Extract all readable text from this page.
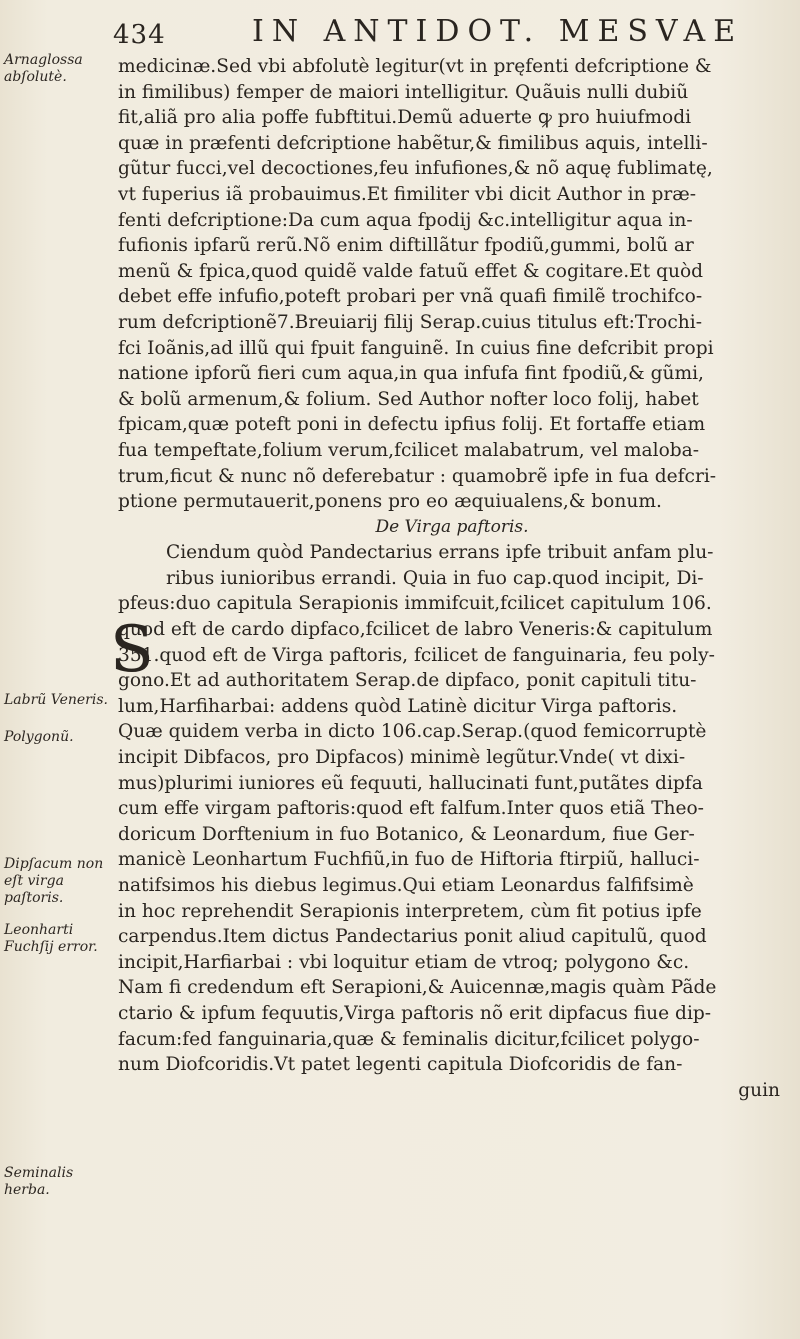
434	IN ANTIDOT. MESVAE
Arnaglossa abſolutè.
Labrũ Veneris.
Polygonũ.
Dipſacum non eſt virga paſtoris.
Leonharti Fuchſij error.
Seminalis herba.
medicinæ.Sed vbi abfolutè legitur(vt in pręfenti defcriptione &
in fimilibus) femper de maiori intelligitur. Quãuis nulli dubiũ
fit,aliã pro alia poffe fubftitui.Demũ aduerte ꝙ pro huiufmodi
quæ in præfenti defcriptione habẽtur,& fimilibus aquis, intelli-
gũtur fucci,vel decoctiones,feu infufiones,& nõ aquę fublimatę,
vt fuperius iã probauimus.Et fimiliter vbi dicit Author in præ-
fenti defcriptione:Da cum aqua fpodij &c.intelligitur aqua in-
fufionis ipfarũ rerũ.Nõ enim diftillãtur fpodiũ,gummi, bolũ ar
menũ & fpica,quod quidẽ valde fatuũ effet & cogitare.Et quòd
debet effe infufio,poteft probari per vnã quafi fimilẽ trochifco-
rum defcriptionẽ7.Breuiarij filij Serap.cuius titulus eft:Trochi-
fci Ioãnis,ad illũ qui fpuit fanguinẽ. In cuius fine defcribit propi
natione ipforũ fieri cum aqua,in qua infufa fint fpodiũ,& gũmi,
& bolũ armenum,& folium. Sed Author nofter loco folij, habet
fpicam,quæ poteft poni in defectu ipfius folij. Et fortaffe etiam
fua tempeftate,folium verum,fcilicet malabatrum, vel maloba-
trum,ficut & nunc nõ deferebatur : quamobrẽ ipfe in fua defcri-
ptione permutauerit,ponens pro eo æquiualens,& bonum.
De Virga paftoris.
S
Ciendum quòd Pandectarius errans ipfe tribuit anfam plu-
ribus iunioribus errandi. Quia in fuo cap.quod incipit, Di-
pfeus:duo capitula Serapionis immifcuit,fcilicet capitulum 106.
quod eft de cardo dipfaco,fcilicet de labro Veneris:& capitulum
351.quod eft de Virga paftoris, fcilicet de fanguinaria, feu poly-
gono.Et ad authoritatem Serap.de dipfaco, ponit capituli titu-
lum,Harfiharbai: addens quòd Latinè dicitur Virga paftoris.
Quæ quidem verba in dicto 106.cap.Serap.(quod femicorruptè
incipit Dibfacos, pro Dipfacos) minimè legũtur.Vnde( vt dixi-
mus)plurimi iuniores eũ fequuti, hallucinati funt,putãtes dipfa
cum effe virgam paftoris:quod eft falfum.Inter quos etiã Theo-
doricum Dorftenium in fuo Botanico, & Leonardum, fiue Ger-
manicè Leonhartum Fuchfiũ,in fuo de Hiftoria ftirpiũ, halluci-
natifsimos his diebus legimus.Qui etiam Leonardus falfifsimè
in hoc reprehendit Serapionis interpretem, cùm fit potius ipfe
carpendus.Item dictus Pandectarius ponit aliud capitulũ, quod
incipit,Harfiarbai : vbi loquitur etiam de vtroq; polygono &c.
Nam fi credendum eft Serapioni,& Auicennæ,magis quàm Pãde
ctario & ipfum fequutis,Virga paftoris nõ erit dipfacus fiue dip-
facum:fed fanguinaria,quæ & feminalis dicitur,fcilicet polygo-
num Diofcoridis.Vt patet legenti capitula Diofcoridis de fan-
guin
